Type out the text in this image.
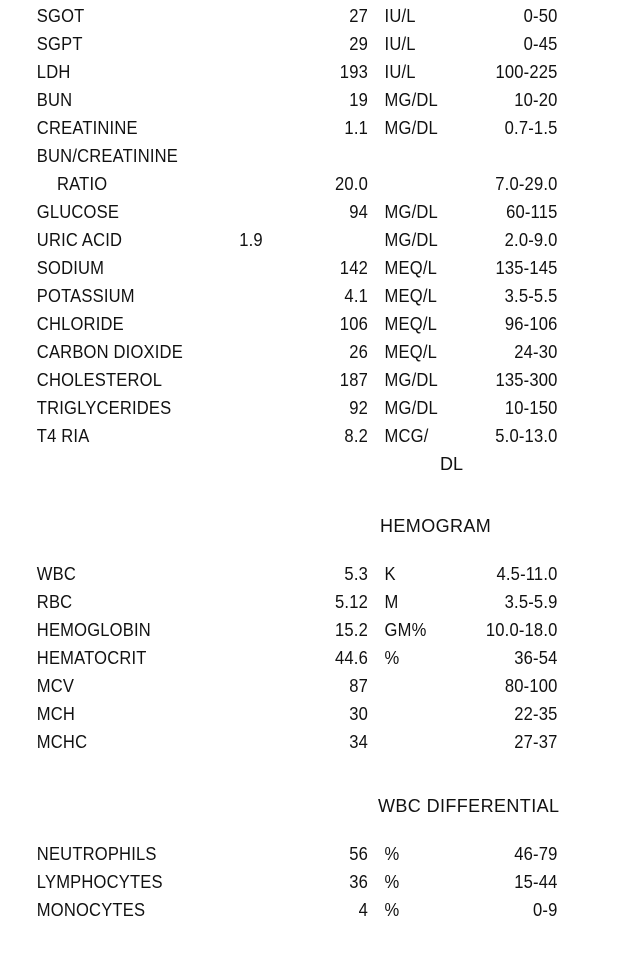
SGOT	27 IU/L	0-50
SGPT	29 IU/L	0-45
LDH	193 IU/L	100-225
BUN	19 MG/DL	10-20
CREATININE	1.1 MG/DL	0.7-1.5
BUN/CREATININE
RATIO	20.0	7.0-29.0
GLUCOSE	94 MG/DL	60-115
URIC ACID	1.9	MG/DL	2.0-9.0
SODIUM	142 MEQ/L	135-145
POTASSIUM	4.1 MEQ/L	3.5-5.5
CHLORIDE	106 MEQ/L	96-106
CARBON DIOXIDE	26 MEQ/L	24-30
CHOLESTEROL	187 MG/DL	135-300
TRIGLYCERIDES	92 MG/DL	10-150
T4 RIA	8.2 MCG/	5.0-13.0
DL
HEMOGRAM
WBC	5.3 K	4.5-11.0
RBC	5.12 M	3.5-5.9
HEMOGLOBIN	15.2 GM%	10.0-18.0
HEMATOCRIT	44.6 %	36-54
MCV	87	80-100
MCH	30	22-35
MCHC	34	27-37
WBC DIFFERENTIAL
NEUTROPHILS	56 %	46-79
LYMPHOCYTES	36 %	15-44
MONOCYTES	4 %	0-9
